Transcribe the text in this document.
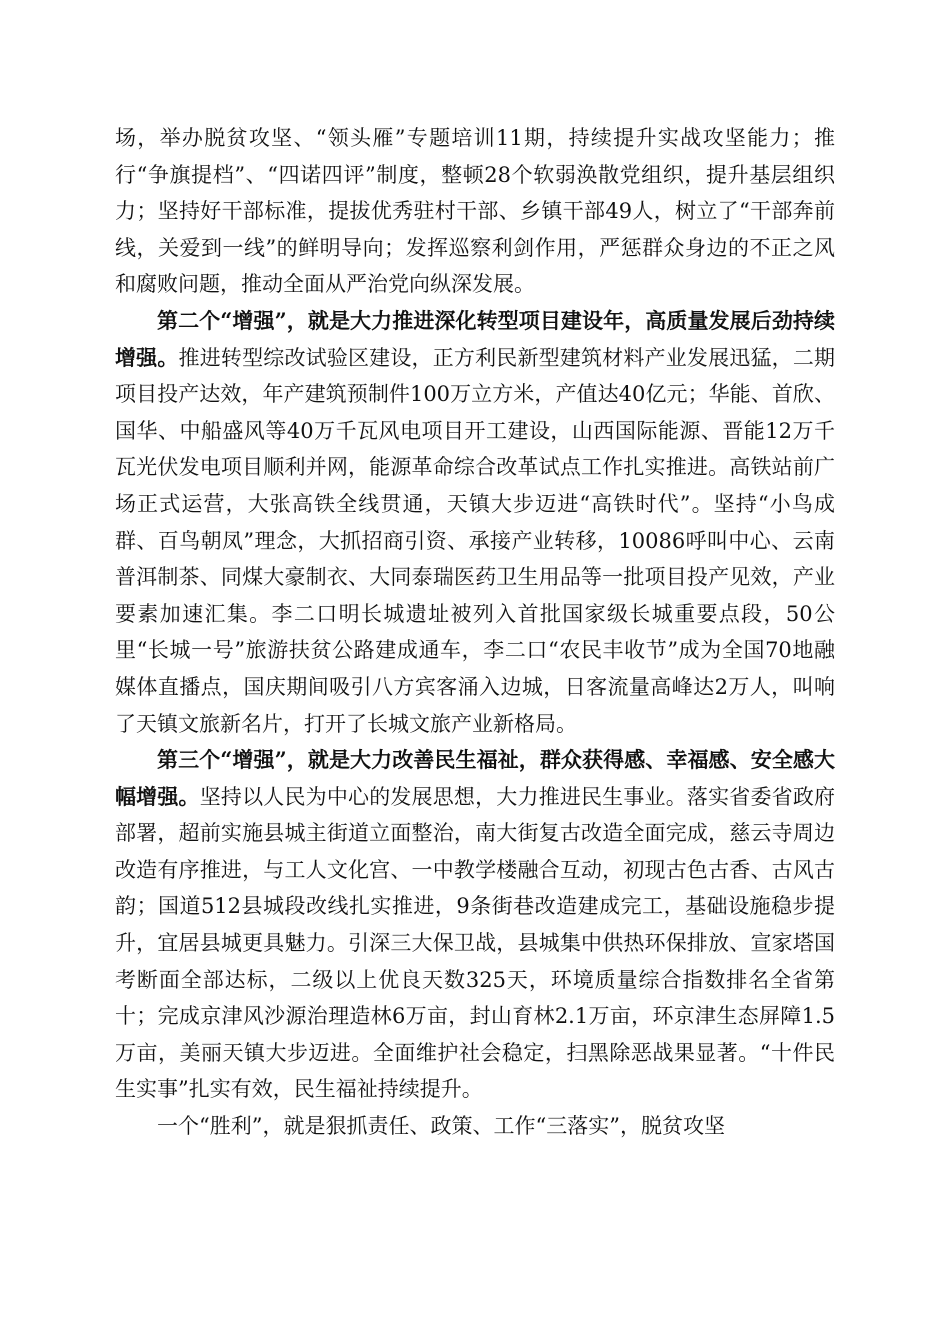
场，举办脱贫攻坚、“领头雁”专题培训11期，持续提升实战攻坚能力；推行“争旗提档”、“四诺四评”制度，整顿28个软弱涣散党组织，提升基层组织力；坚持好干部标准，提拔优秀驻村干部、乡镇干部49人，树立了“干部奔前线，关爱到一线”的鲜明导向；发挥巡察利剑作用，严惩群众身边的不正之风和腐败问题，推动全面从严治党向纵深发展。

第二个“增强”，就是大力推进深化转型项目建设年，高质量发展后劲持续增强。推进转型综改试验区建设，正方利民新型建筑材料产业发展迅猛，二期项目投产达效，年产建筑预制件100万立方米，产值达40亿元；华能、首欣、国华、中船盛风等40万千瓦风电项目开工建设，山西国际能源、晋能12万千瓦光伏发电项目顺利并网，能源革命综合改革试点工作扎实推进。高铁站前广场正式运营，大张高铁全线贯通，天镇大步迈进“高铁时代”。坚持“小鸟成群、百鸟朝凤”理念，大抓招商引资、承接产业转移，10086呼叫中心、云南普洱制茶、同煤大豪制衣、大同泰瑞医药卫生用品等一批项目投产见效，产业要素加速汇集。李二口明长城遗址被列入首批国家级长城重要点段，50公里“长城一号”旅游扶贫公路建成通车，李二口“农民丰收节”成为全国70地融媒体直播点，国庆期间吸引八方宾客涌入边城，日客流量高峰达2万人，叫响了天镇文旅新名片，打开了长城文旅产业新格局。

第三个“增强”，就是大力改善民生福祉，群众获得感、幸福感、安全感大幅增强。坚持以人民为中心的发展思想，大力推进民生事业。落实省委省政府部署，超前实施县城主街道立面整治，南大街复古改造全面完成，慈云寺周边改造有序推进，与工人文化宫、一中教学楼融合互动，初现古色古香、古风古韵；国道512县城段改线扎实推进，9条街巷改造建成完工，基础设施稳步提升，宜居县城更具魅力。引深三大保卫战，县城集中供热环保排放、宣家塔国考断面全部达标，二级以上优良天数325天，环境质量综合指数排名全省第十；完成京津风沙源治理造林6万亩，封山育林2.1万亩，环京津生态屏障1.5万亩，美丽天镇大步迈进。全面维护社会稳定，扫黑除恶战果显著。“十件民生实事”扎实有效，民生福祉持续提升。

一个“胜利”，就是狠抓责任、政策、工作“三落实”，脱贫攻坚
